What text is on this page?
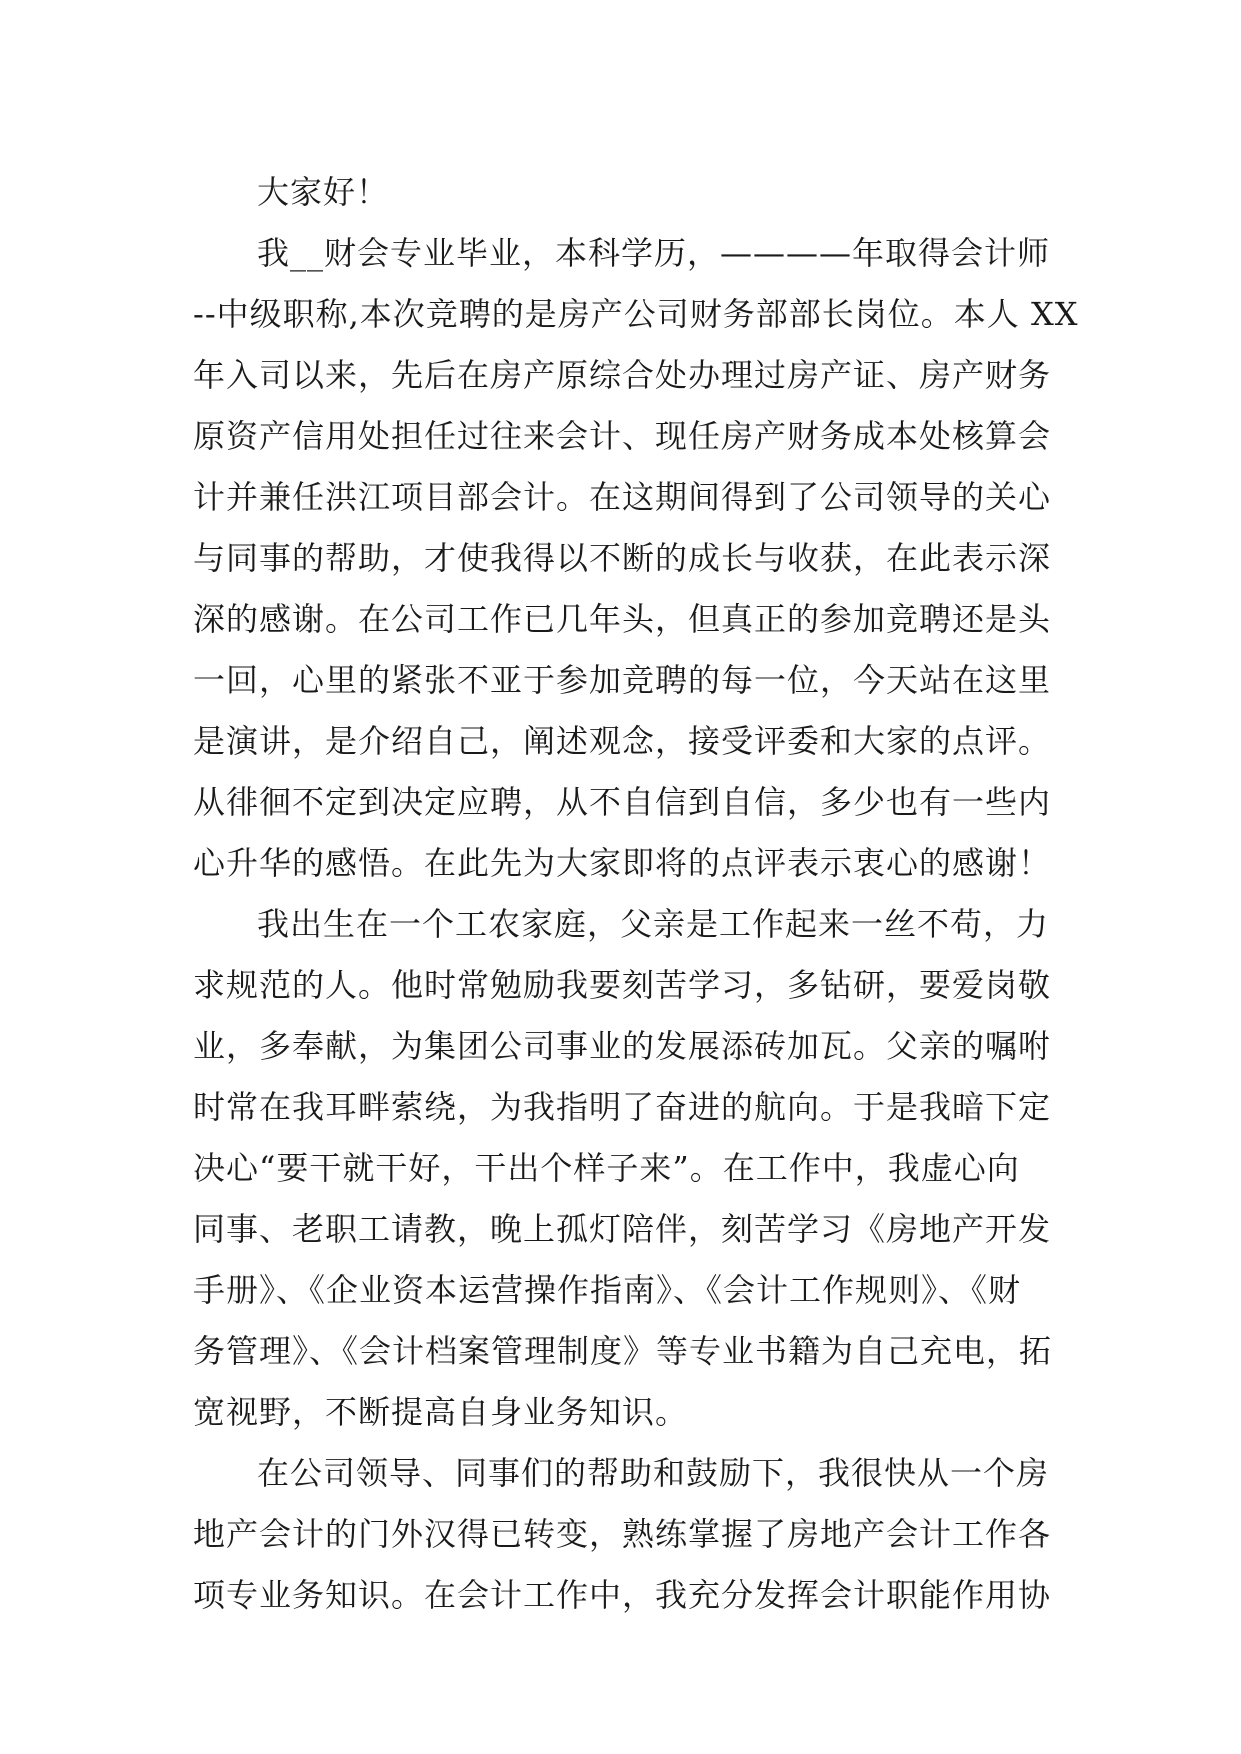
大家好！
我__财会专业毕业，本科学历，————年取得会计师
--中级职称,本次竞聘的是房产公司财务部部长岗位。本人 XX
年入司以来，先后在房产原综合处办理过房产证、房产财务
原资产信用处担任过往来会计、现任房产财务成本处核算会
计并兼任洪江项目部会计。在这期间得到了公司领导的关心
与同事的帮助，才使我得以不断的成长与收获，在此表示深
深的感谢。在公司工作已几年头，但真正的参加竞聘还是头
一回，心里的紧张不亚于参加竞聘的每一位，今天站在这里
是演讲，是介绍自己，阐述观念，接受评委和大家的点评。
从徘徊不定到决定应聘，从不自信到自信，多少也有一些内
心升华的感悟。在此先为大家即将的点评表示衷心的感谢！
我出生在一个工农家庭，父亲是工作起来一丝不苟，力
求规范的人。他时常勉励我要刻苦学习，多钻研，要爱岗敬
业，多奉献，为集团公司事业的发展添砖加瓦。父亲的嘱咐
时常在我耳畔萦绕，为我指明了奋进的航向。于是我暗下定
决心“要干就干好，干出个样子来”。在工作中，我虚心向
同事、老职工请教，晚上孤灯陪伴，刻苦学习《房地产开发
手册》、《企业资本运营操作指南》、《会计工作规则》、《财
务管理》、《会计档案管理制度》等专业书籍为自己充电，拓
宽视野，不断提高自身业务知识。
在公司领导、同事们的帮助和鼓励下，我很快从一个房
地产会计的门外汉得已转变，熟练掌握了房地产会计工作各
项专业务知识。在会计工作中，我充分发挥会计职能作用协
